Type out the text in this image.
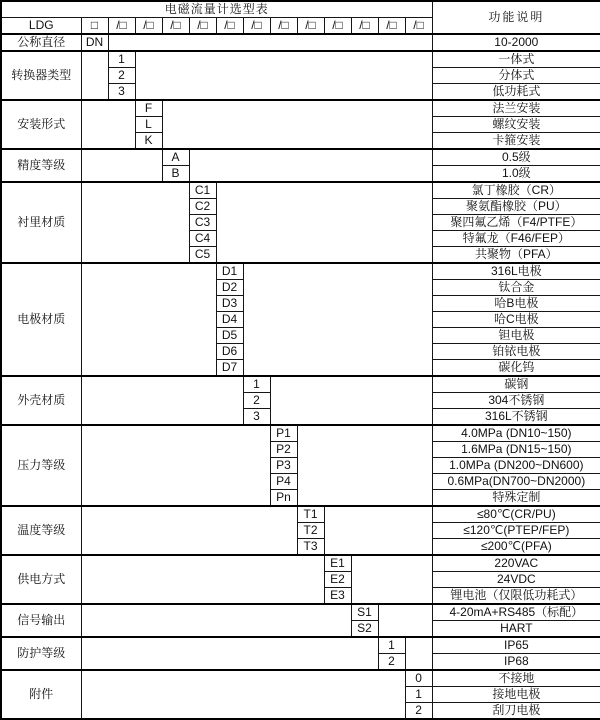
电磁流量计选型表														功能说明
LDG	□	/□	/□	/□	/□	/□	/□	/□	/□	/□	/□	/□	/□	
公称直径	DN													10-2000
转换器类型		1												一体式
		2												分体式
		3												低功耗式
安装形式			F											法兰安装
			L											螺纹安装
			K											卡箍安装
精度等级				A										0.5级
				B										1.0级
衬里材质					C1									氯丁橡胶（CR）
					C2									聚氨酯橡胶（PU）
					C3									聚四氟乙烯（F4/PTFE）
					C4									特氟龙（F46/FEP）
					C5									共聚物（PFA）
电极材质						D1								316L电极
						D2								钛合金
						D3								哈B电极
						D4								哈C电极
						D5								钽电极
						D6								铂铱电极
						D7								碳化钨
外壳材质							1							碳钢
							2							304不锈钢
							3							316L不锈钢
压力等级								P1						4.0MPa (DN10~150)
								P2						1.6MPa (DN15~150)
								P3						1.0MPa (DN200~DN600)
								P4						0.6MPa(DN700~DN2000)
								Pn						特殊定制
温度等级									T1					≤80℃(CR/PU)
									T2					≤120℃(PTEP/FEP)
									T3					≤200℃(PFA)
供电方式										E1				220VAC
										E2				24VDC
										E3				锂电池（仅限低功耗式）
信号输出											S1			4-20mA+RS485（标配）
											S2			HART
防护等级												1		IP65
												2		IP68
附件													0	不接地
													1	接地电极
													2	刮刀电极
